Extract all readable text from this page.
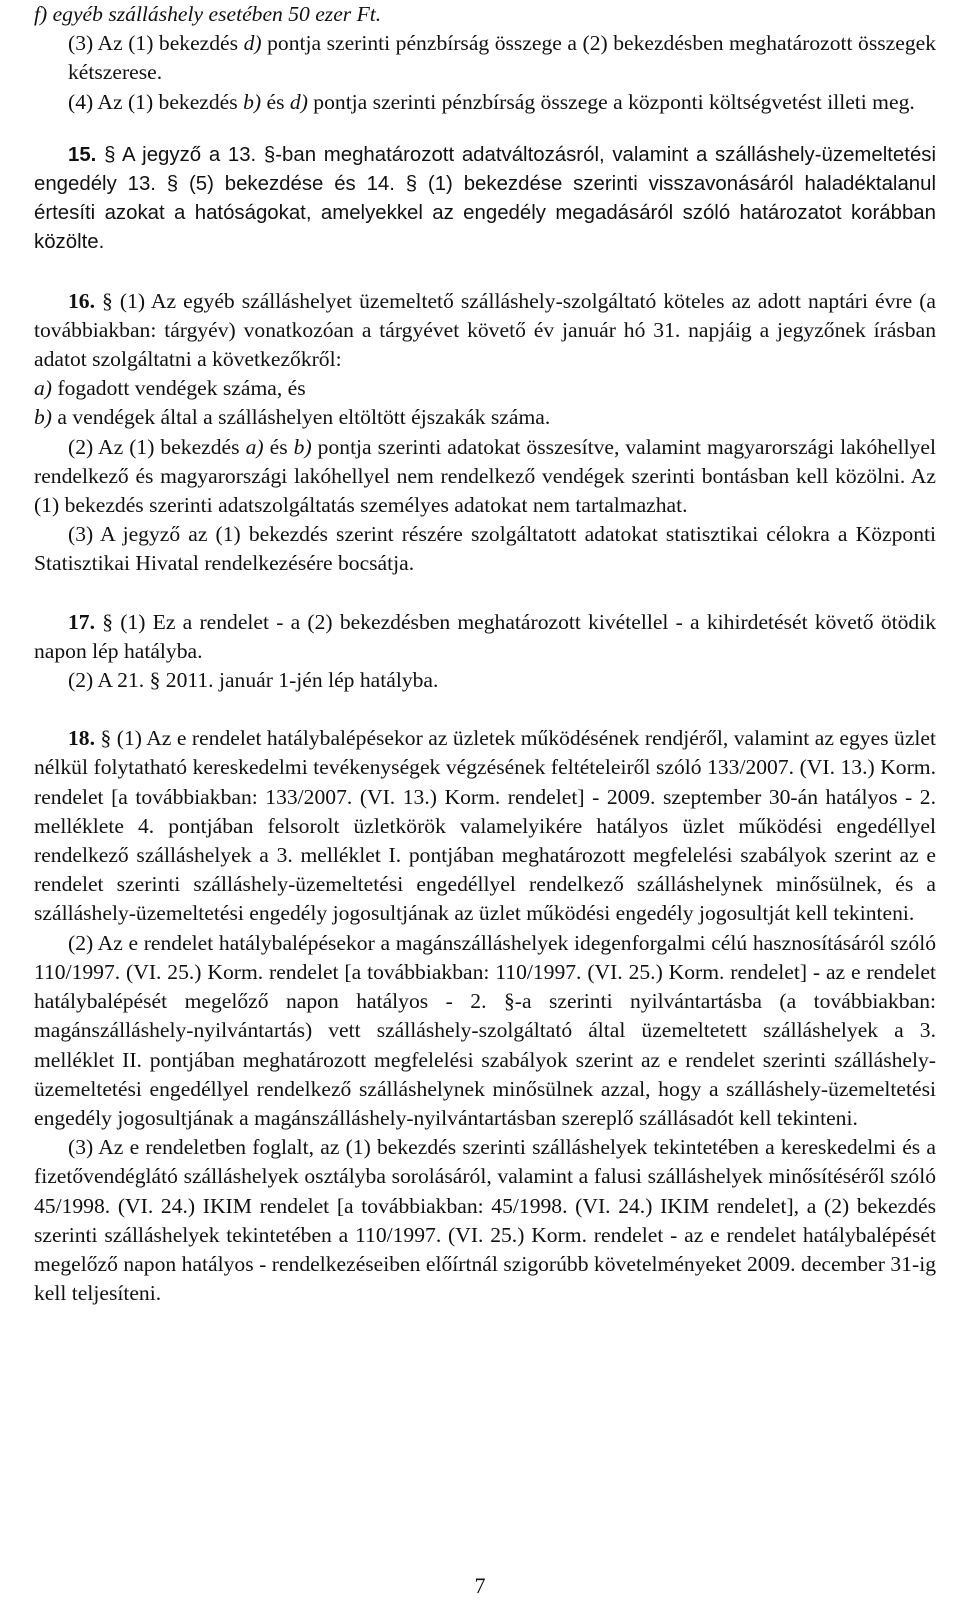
f) egyéb szálláshely esetében 50 ezer Ft.

(3) Az (1) bekezdés d) pontja szerinti pénzbírság összege a (2) bekezdésben meghatározott összegek kétszerese.

(4) Az (1) bekezdés b) és d) pontja szerinti pénzbírság összege a központi költségvetést illeti meg.

15. § A jegyző a 13. §-ban meghatározott adatváltozásról, valamint a szálláshely-üzemeltetési engedély 13. § (5) bekezdése és 14. § (1) bekezdése szerinti visszavonásáról haladéktalanul értesíti azokat a hatóságokat, amelyekkel az engedély megadásáról szóló határozatot korábban közölte.

16. § (1) Az egyéb szálláshelyet üzemeltető szálláshely-szolgáltató köteles az adott naptári évre (a továbbiakban: tárgyév) vonatkozóan a tárgyévet követő év január hó 31. napjáig a jegyzőnek írásban adatot szolgáltatni a következőkről:

a) fogadott vendégek száma, és

b) a vendégek által a szálláshelyen eltöltött éjszakák száma.

(2) Az (1) bekezdés a) és b) pontja szerinti adatokat összesítve, valamint magyarországi lakóhellyel rendelkező és magyarországi lakóhellyel nem rendelkező vendégek szerinti bontásban kell közölni. Az (1) bekezdés szerinti adatszolgáltatás személyes adatokat nem tartalmazhat.

(3) A jegyző az (1) bekezdés szerint részére szolgáltatott adatokat statisztikai célokra a Központi Statisztikai Hivatal rendelkezésére bocsátja.

17. § (1) Ez a rendelet - a (2) bekezdésben meghatározott kivétellel - a kihirdetését követő ötödik napon lép hatályba.

(2) A 21. § 2011. január 1-jén lép hatályba.

18. § (1) Az e rendelet hatálybalépésekor az üzletek működésének rendjéről, valamint az egyes üzlet nélkül folytatható kereskedelmi tevékenységek végzésének feltételeiről szóló 133/2007. (VI. 13.) Korm. rendelet [a továbbiakban: 133/2007. (VI. 13.) Korm. rendelet] - 2009. szeptember 30-án hatályos - 2. melléklete 4. pontjában felsorolt üzletkörök valamelyikére hatályos üzlet működési engedéllyel rendelkező szálláshelyek a 3. melléklet I. pontjában meghatározott megfelelési szabályok szerint az e rendelet szerinti szálláshely-üzemeltetési engedéllyel rendelkező szálláshelynek minősülnek, és a szálláshely-üzemeltetési engedély jogosultjának az üzlet működési engedély jogosultját kell tekinteni.

(2) Az e rendelet hatálybalépésekor a magánszálláshelyek idegenforgalmi célú hasznosításáról szóló 110/1997. (VI. 25.) Korm. rendelet [a továbbiakban: 110/1997. (VI. 25.) Korm. rendelet] - az e rendelet hatálybalépését megelőző napon hatályos - 2. §-a szerinti nyilvántartásba (a továbbiakban: magánszálláshely-nyilvántartás) vett szálláshely-szolgáltató által üzemeltetett szálláshelyek a 3. melléklet II. pontjában meghatározott megfelelési szabályok szerint az e rendelet szerinti szálláshely-üzemeltetési engedéllyel rendelkező szálláshelynek minősülnek azzal, hogy a szálláshely-üzemeltetési engedély jogosultjának a magánszálláshely-nyilvántartásban szereplő szállásadót kell tekinteni.

(3) Az e rendeletben foglalt, az (1) bekezdés szerinti szálláshelyek tekintetében a kereskedelmi és a fizetővendéglátó szálláshelyek osztályba sorolásáról, valamint a falusi szálláshelyek minősítéséről szóló 45/1998. (VI. 24.) IKIM rendelet [a továbbiakban: 45/1998. (VI. 24.) IKIM rendelet], a (2) bekezdés szerinti szálláshelyek tekintetében a 110/1997. (VI. 25.) Korm. rendelet - az e rendelet hatálybalépését megelőző napon hatályos - rendelkezéseiben előírtnál szigorúbb követelményeket 2009. december 31-ig kell teljesíteni.

7
